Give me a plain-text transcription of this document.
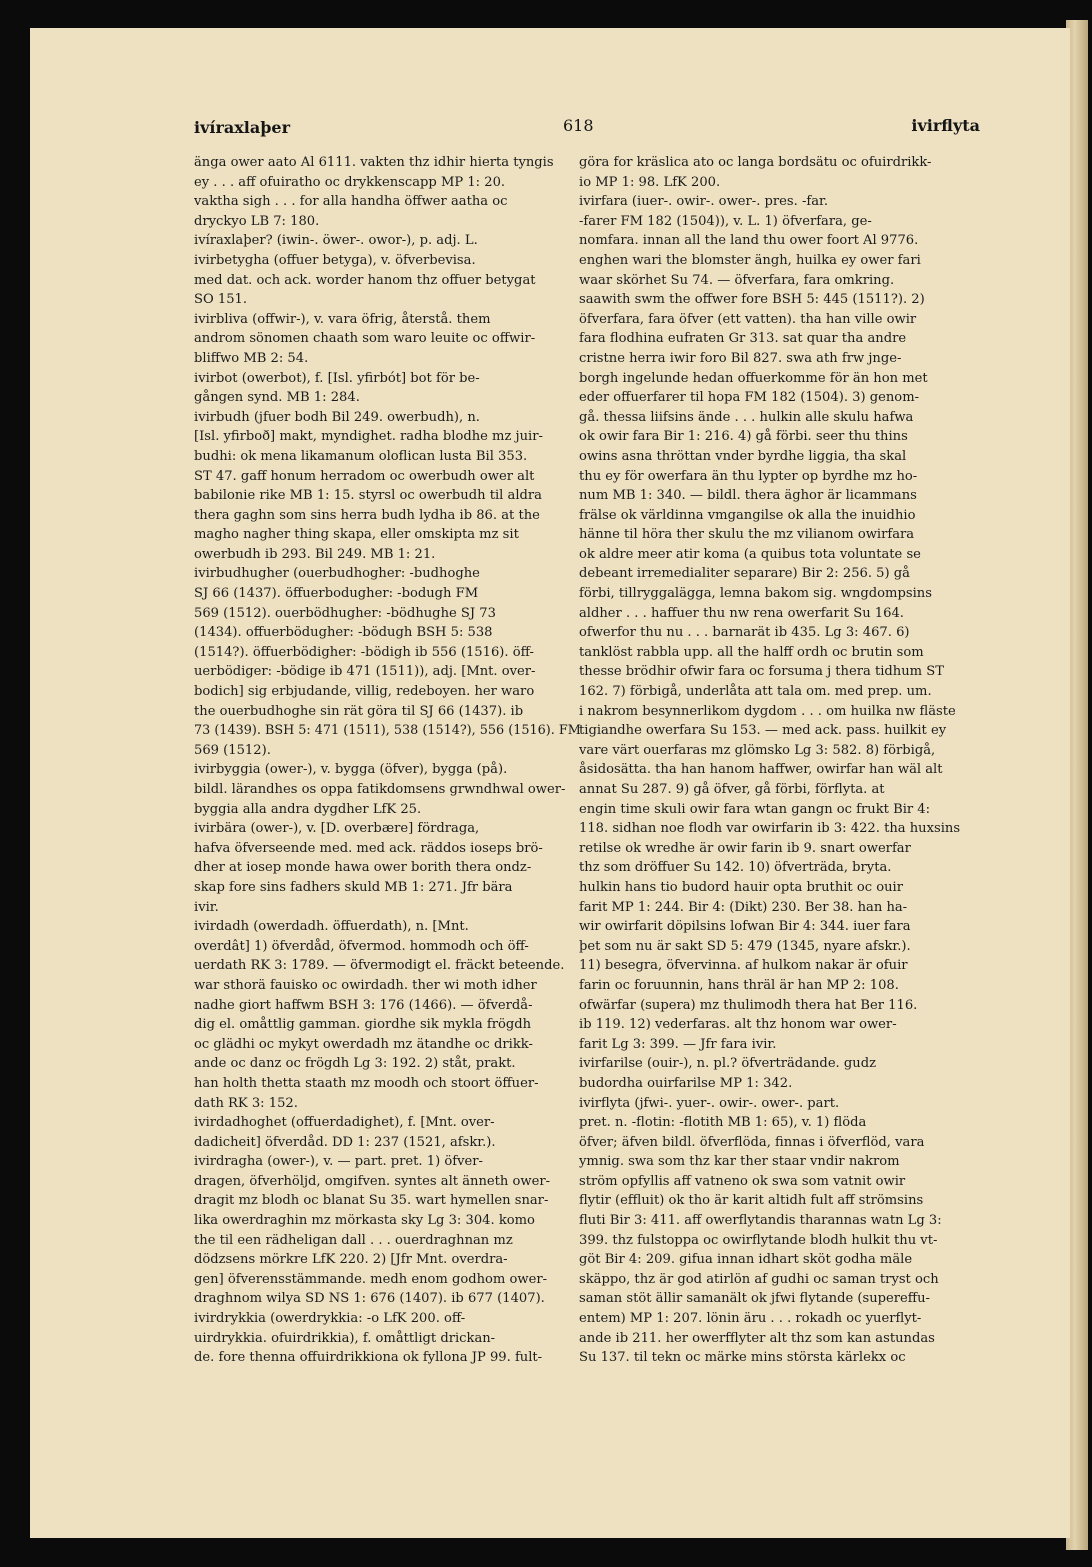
ivíraxlaþer	618	ivirflyta
änga ower aato Al 6111. vakten thz idhir hierta tyngis
ey . . . aff ofuiratho oc drykkenscapp MP 1: 20.
vaktha sigh . . . for alla handha öffwer aatha oc
dryckyo LB 7: 180.
ivíraxlaþer? (iwin-. öwer-. owor-), p. adj. L.
ivirbetygha (offuer betyga), v. öfverbevisa.
med dat. och ack. worder hanom thz offuer betygat
SO 151.
ivirbliva (offwir-), v. vara öfrig, återstå. them
androm sönomen chaath som waro leuite oc offwir-
bliffwo MB 2: 54.
ivirbot (owerbot), f. [Isl. yfirbót] bot för be-
gången synd. MB 1: 284.
ivirbudh (jfuer bodh Bil 249. owerbudh), n.
[Isl. yfirboð] makt, myndighet. radha blodhe mz juir-
budhi: ok mena likamanum oloflican lusta Bil 353.
ST 47. gaff honum herradom oc owerbudh ower alt
babilonie rike MB 1: 15. styrsl oc owerbudh til aldra
thera gaghn som sins herra budh lydha ib 86. at the
magho nagher thing skapa, eller omskipta mz sit
owerbudh ib 293. Bil 249. MB 1: 21.
ivirbudhugher (ouerbudhogher: -budhoghe
SJ 66 (1437). öffuerbodugher: -bodugh FM
569 (1512). ouerbödhugher: -bödhughe SJ 73
(1434). offuerbödugher: -bödugh BSH 5: 538
(1514?). öffuerbödigher: -bödigh ib 556 (1516). öff-
uerbödiger: -bödige ib 471 (1511)), adj. [Mnt. over-
bodich] sig erbjudande, villig, redeboyen. her waro
the ouerbudhoghe sin rät göra til SJ 66 (1437). ib
73 (1439). BSH 5: 471 (1511), 538 (1514?), 556 (1516). FM
569 (1512).
ivirbyggia (ower-), v. bygga (öfver), bygga (på).
bildl. lärandhes os oppa fatikdomsens grwndhwal ower-
byggia alla andra dygdher LfK 25.
ivirbära (ower-), v. [D. overbære] fördraga,
hafva öfverseende med. med ack. räddos ioseps brö-
dher at iosep monde hawa ower borith thera ondz-
skap fore sins fadhers skuld MB 1: 271. Jfr bära
ivir.
ivirdadh (owerdadh. öffuerdath), n. [Mnt.
overdât] 1) öfverdåd, öfvermod. hommodh och öff-
uerdath RK 3: 1789. — öfvermodigt el. fräckt beteende.
war sthorä fauisko oc owirdadh. ther wi moth idher
nadhe giort haffwm BSH 3: 176 (1466). — öfverdå-
dig el. omåttlig gamman. giordhe sik mykla frögdh
oc glädhi oc mykyt owerdadh mz ätandhe oc drikk-
ande oc danz oc frögdh Lg 3: 192. 2) ståt, prakt.
han holth thetta staath mz moodh och stoort öffuer-
dath RK 3: 152.
ivirdadhoghet (offuerdadighet), f. [Mnt. over-
dadicheit] öfverdåd. DD 1: 237 (1521, afskr.).
ivirdragha (ower-), v. — part. pret. 1) öfver-
dragen, öfverhöljd, omgifven. syntes alt änneth ower-
dragit mz blodh oc blanat Su 35. wart hymellen snar-
lika owerdraghin mz mörkasta sky Lg 3: 304. komo
the til een rädheligan dall . . . ouerdraghnan mz
dödzsens mörkre LfK 220. 2) [Jfr Mnt. overdra-
gen] öfverensstämmande. medh enom godhom ower-
draghnom wilya SD NS 1: 676 (1407). ib 677 (1407).
ivirdrykkia (owerdrykkia: -o LfK 200. off-
uirdrykkia. ofuirdrikkia), f. omåttligt drickan-
de. fore thenna offuirdrikkiona ok fyllona JP 99. fult-
göra for kräslica ato oc langa bordsätu oc ofuirdrikk-
io MP 1: 98. LfK 200.
ivirfara (iuer-. owir-. ower-. pres. -far.
-farer FM 182 (1504)), v. L. 1) öfverfara, ge-
nomfara. innan all the land thu ower foort Al 9776.
enghen wari the blomster ängh, huilka ey ower fari
waar skörhet Su 74. — öfverfara, fara omkring.
saawith swm the offwer fore BSH 5: 445 (1511?). 2)
öfverfara, fara öfver (ett vatten). tha han ville owir
fara flodhina eufraten Gr 313. sat quar tha andre
cristne herra iwir foro Bil 827. swa ath frw jnge-
borgh ingelunde hedan offuerkomme för än hon met
eder offuerfarer til hopa FM 182 (1504). 3) genom-
gå. thessa liifsins ände . . . hulkin alle skulu hafwa
ok owir fara Bir 1: 216. 4) gå förbi. seer thu thins
owins asna thröttan vnder byrdhe liggia, tha skal
thu ey för owerfara än thu lypter op byrdhe mz ho-
num MB 1: 340. — bildl. thera äghor är licammans
frälse ok världinna vmgangilse ok alla the inuidhio
hänne til höra ther skulu the mz vilianom owirfara
ok aldre meer atir koma (a quibus tota voluntate se
debeant irremedialiter separare) Bir 2: 256. 5) gå
förbi, tillryggalägga, lemna bakom sig. wngdompsins
aldher . . . haffuer thu nw rena owerfarit Su 164.
ofwerfor thu nu . . . barnarät ib 435. Lg 3: 467. 6)
tanklöst rabbla upp. all the halff ordh oc brutin som
thesse brödhir ofwir fara oc forsuma j thera tidhum ST
162. 7) förbigå, underlåta att tala om. med prep. um.
i nakrom besynnerlikom dygdom . . . om huilka nw fläste
tigiandhe owerfara Su 153. — med ack. pass. huilkit ey
vare värt ouerfaras mz glömsko Lg 3: 582. 8) förbigå,
åsidosätta. tha han hanom haffwer, owirfar han wäl alt
annat Su 287. 9) gå öfver, gå förbi, förflyta. at
engin time skuli owir fara wtan gangn oc frukt Bir 4:
118. sidhan noe flodh var owirfarin ib 3: 422. tha huxsins
retilse ok wredhe är owir farin ib 9. snart owerfar
thz som dröffuer Su 142. 10) öfverträda, bryta.
hulkin hans tio budord hauir opta bruthit oc ouir
farit MP 1: 244. Bir 4: (Dikt) 230. Ber 38. han ha-
wir owirfarit döpilsins lofwan Bir 4: 344. iuer fara
þet som nu är sakt SD 5: 479 (1345, nyare afskr.).
11) besegra, öfvervinna. af hulkom nakar är ofuir
farin oc foruunnin, hans thräl är han MP 2: 108.
ofwärfar (supera) mz thulimodh thera hat Ber 116.
ib 119. 12) vederfaras. alt thz honom war ower-
farit Lg 3: 399. — Jfr fara ivir.
ivirfarilse (ouir-), n. pl.? öfverträdande. gudz
budordha ouirfarilse MP 1: 342.
ivirflyta (jfwi-. yuer-. owir-. ower-. part.
pret. n. -flotin: -flotith MB 1: 65), v. 1) flöda
öfver; äfven bildl. öfverflöda, finnas i öfverflöd, vara
ymnig. swa som thz kar ther staar vndir nakrom
ström opfyllis aff vatneno ok swa som vatnit owir
flytir (effluit) ok tho är karit altidh fult aff strömsins
fluti Bir 3: 411. aff owerflytandis tharannas watn Lg 3:
399. thz fulstoppa oc owirflytande blodh hulkit thu vt-
göt Bir 4: 209. gifua innan idhart sköt godha mäle
skäppo, thz är god atirlön af gudhi oc saman tryst och
saman stöt ällir samanält ok jfwi flytande (supereffu-
entem) MP 1: 207. lönin äru . . . rokadh oc yuerflyt-
ande ib 211. her owerfflyter alt thz som kan astundas
Su 137. til tekn oc märke mins största kärlekx oc
